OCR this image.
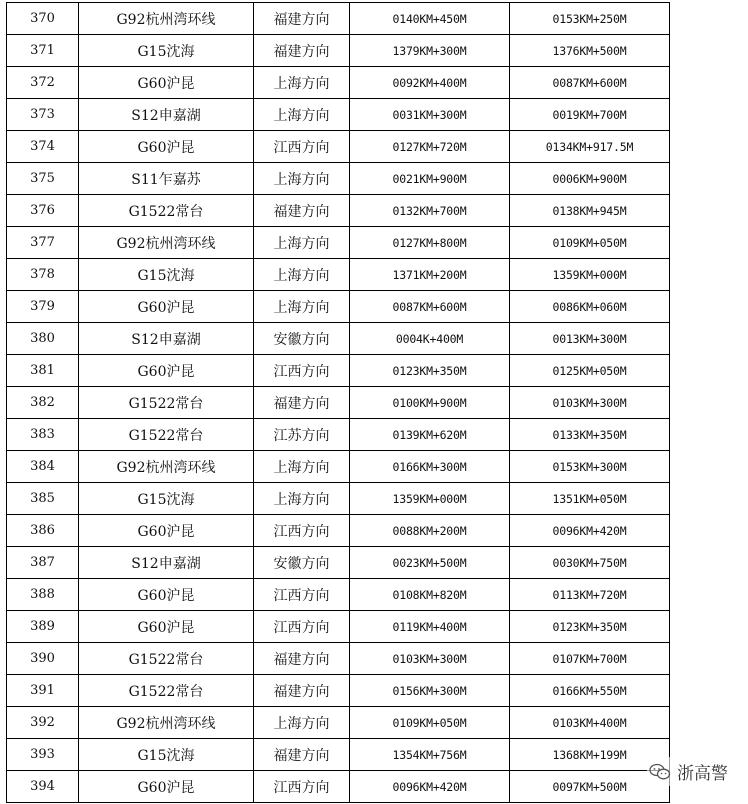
370	G92杭州湾环线	福建方向	0140KM+450M	0153KM+250M
371	G15沈海	福建方向	1379KM+300M	1376KM+500M
372	G60沪昆	上海方向	0092KM+400M	0087KM+600M
373	S12申嘉湖	上海方向	0031KM+300M	0019KM+700M
374	G60沪昆	江西方向	0127KM+720M	0134KM+917.5M
375	S11乍嘉苏	上海方向	0021KM+900M	0006KM+900M
376	G1522常台	福建方向	0132KM+700M	0138KM+945M
377	G92杭州湾环线	上海方向	0127KM+800M	0109KM+050M
378	G15沈海	上海方向	1371KM+200M	1359KM+000M
379	G60沪昆	上海方向	0087KM+600M	0086KM+060M
380	S12申嘉湖	安徽方向	0004K+400M	0013KM+300M
381	G60沪昆	江西方向	0123KM+350M	0125KM+050M
382	G1522常台	福建方向	0100KM+900M	0103KM+300M
383	G1522常台	江苏方向	0139KM+620M	0133KM+350M
384	G92杭州湾环线	上海方向	0166KM+300M	0153KM+300M
385	G15沈海	上海方向	1359KM+000M	1351KM+050M
386	G60沪昆	江西方向	0088KM+200M	0096KM+420M
387	S12申嘉湖	安徽方向	0023KM+500M	0030KM+750M
388	G60沪昆	江西方向	0108KM+820M	0113KM+720M
389	G60沪昆	江西方向	0119KM+400M	0123KM+350M
390	G1522常台	福建方向	0103KM+300M	0107KM+700M
391	G1522常台	福建方向	0156KM+300M	0166KM+550M
392	G92杭州湾环线	上海方向	0109KM+050M	0103KM+400M
393	G15沈海	福建方向	1354KM+756M	1368KM+199M
394	G60沪昆	江西方向	0096KM+420M	0097KM+500M
浙高警
